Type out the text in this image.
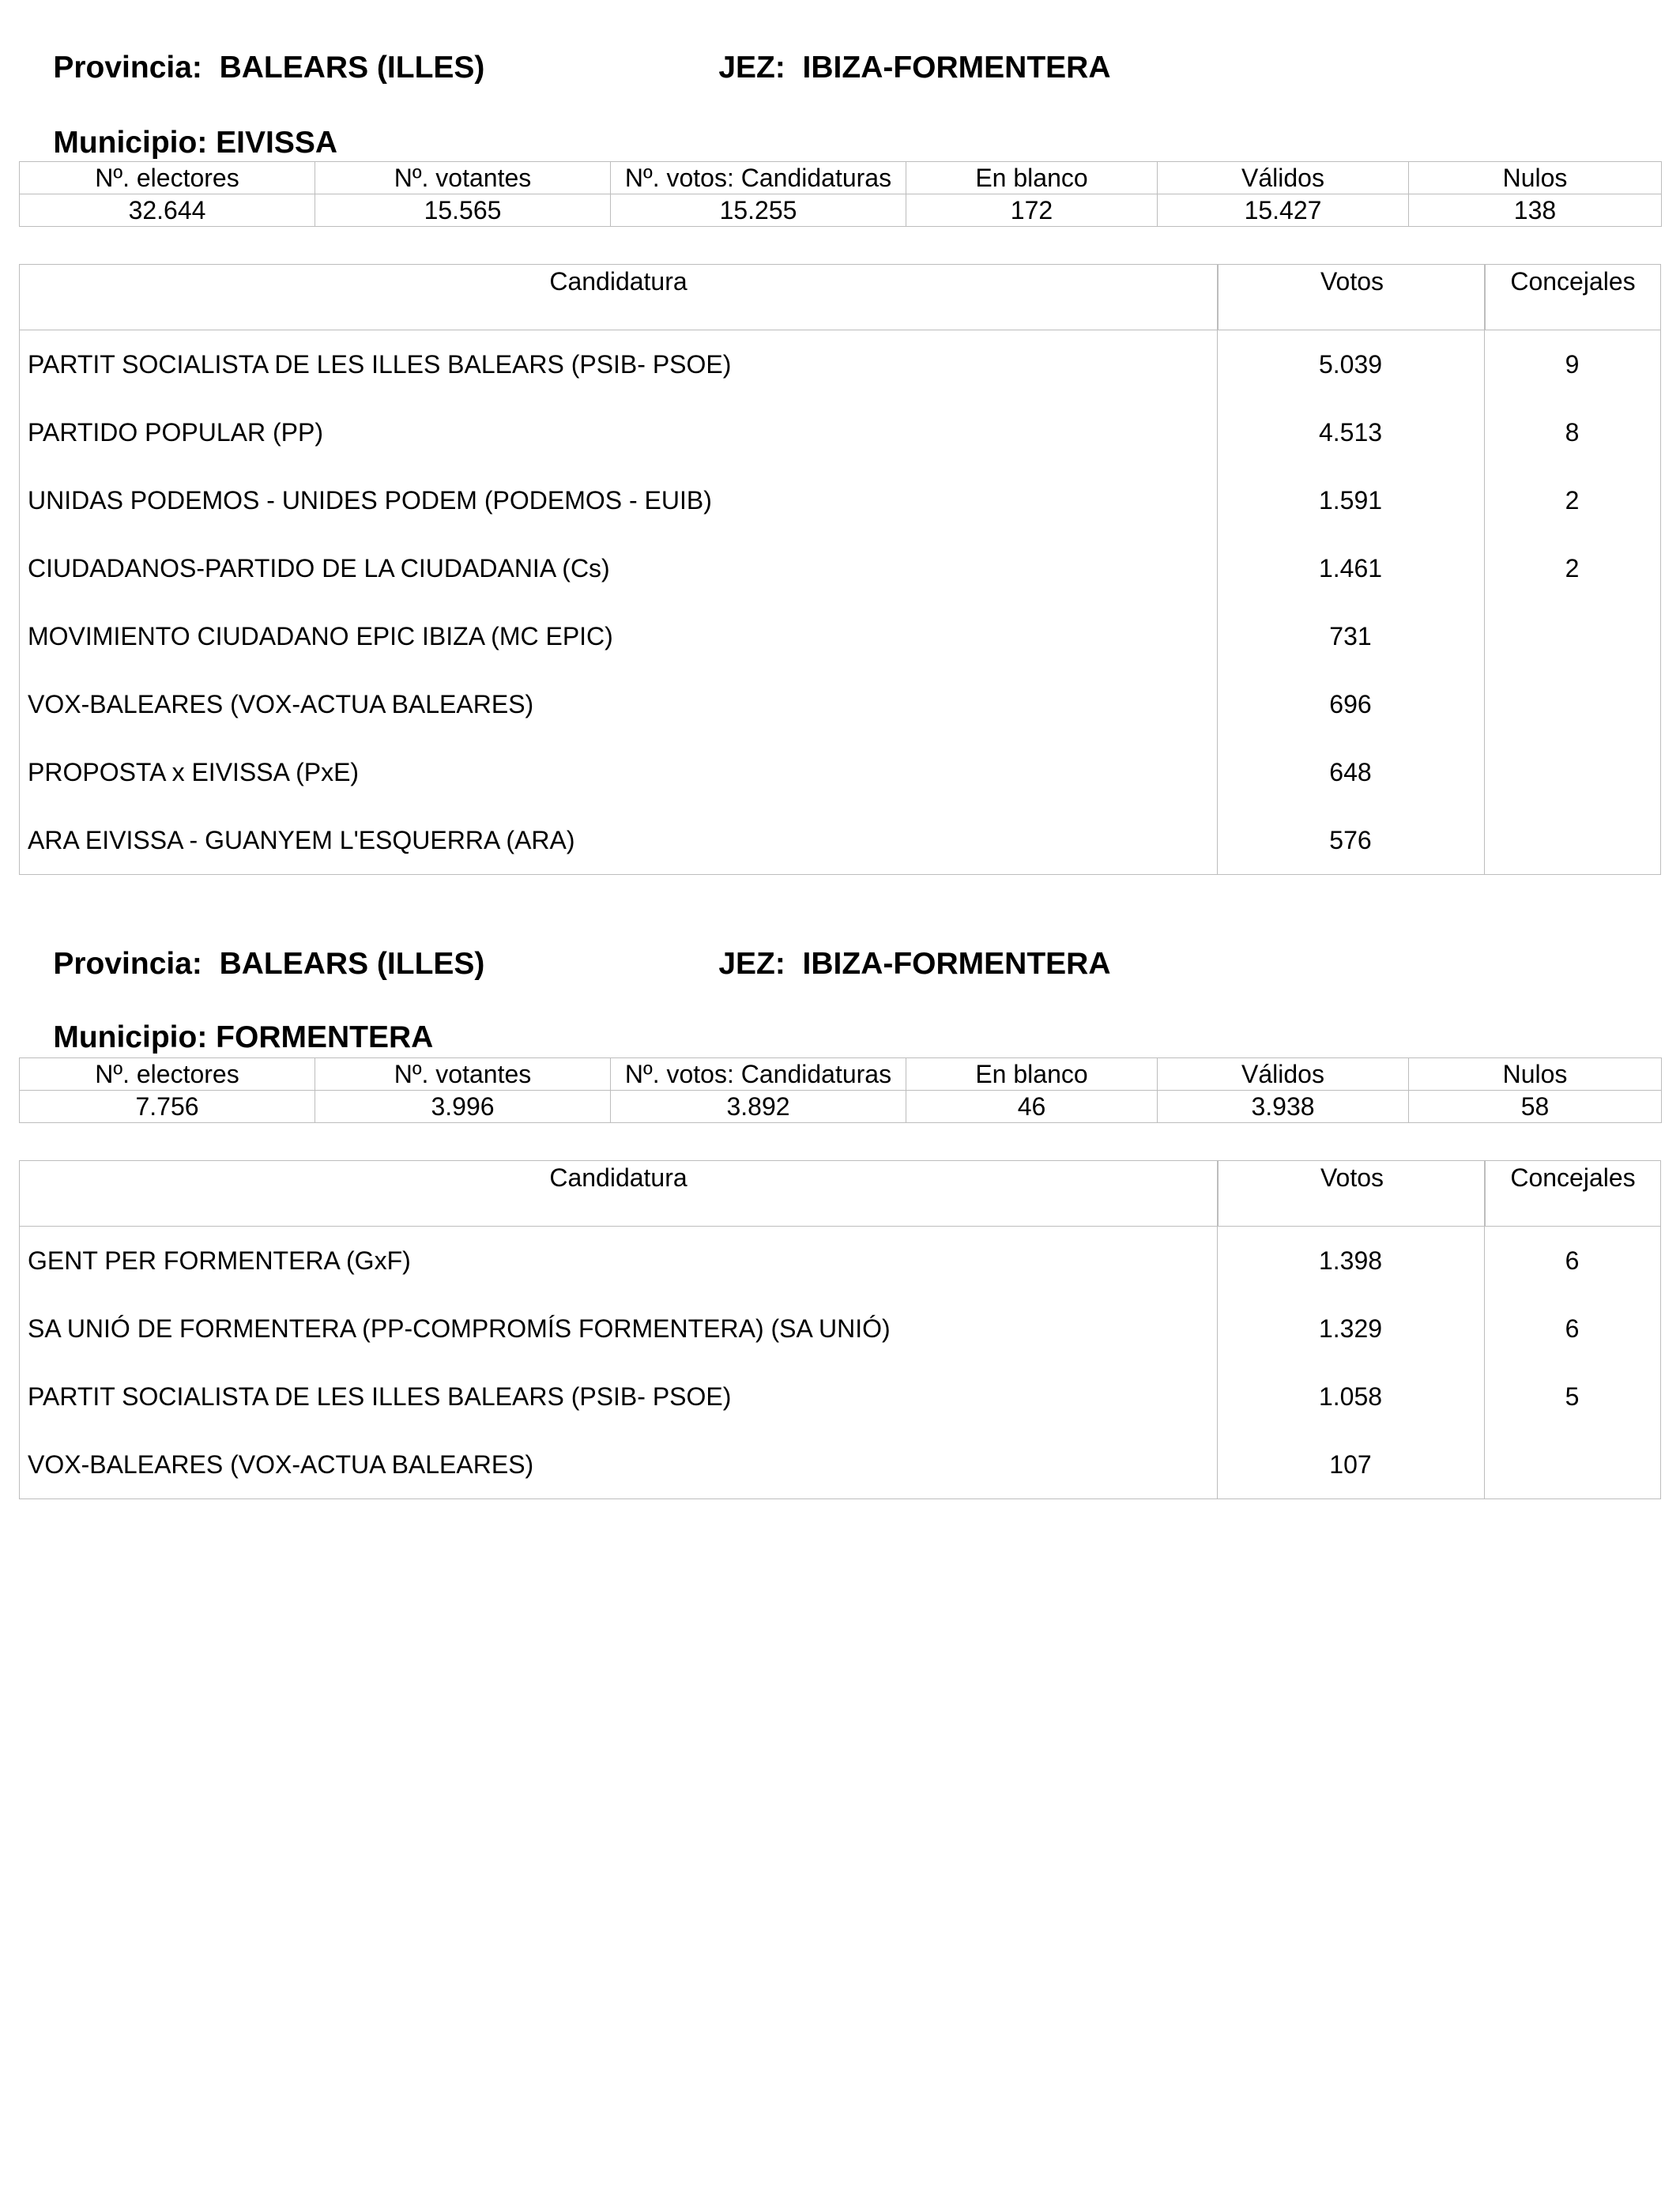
Provincia: BALEARS (ILLES)
	JEZ: IBIZA-FORMENTERA

Municipio: EIVISSA

Nº. electores	Nº. votantes	Nº. votos: Candidaturas	En blanco	Válidos	Nulos
32.644	15.565	15.255	172	15.427	138
Candidatura	Votos	Concejales
PARTIT SOCIALISTA DE LES ILLES BALEARS (PSIB- PSOE)	5.039	9
PARTIDO POPULAR (PP)	4.513	8
UNIDAS PODEMOS - UNIDES PODEM (PODEMOS - EUIB)	1.591	2
CIUDADANOS-PARTIDO DE LA CIUDADANIA (Cs)	1.461	2
MOVIMIENTO CIUDADANO EPIC IBIZA (MC EPIC)	731
VOX-BALEARES (VOX-ACTUA BALEARES)	696
PROPOSTA x EIVISSA (PxE)	648
ARA EIVISSA - GUANYEM L'ESQUERRA (ARA)	576

Provincia: BALEARS (ILLES)
	JEZ: IBIZA-FORMENTERA

Municipio: FORMENTERA

Nº. electores	Nº. votantes	Nº. votos: Candidaturas	En blanco	Válidos	Nulos
7.756	3.996	3.892	46	3.938	58
Candidatura	Votos	Concejales
GENT PER FORMENTERA (GxF)	1.398	6
SA UNIÓ DE FORMENTERA (PP-COMPROMÍS FORMENTERA) (SA UNIÓ)	1.329	6
PARTIT SOCIALISTA DE LES ILLES BALEARS (PSIB- PSOE)	1.058	5
VOX-BALEARES (VOX-ACTUA BALEARES)	107
